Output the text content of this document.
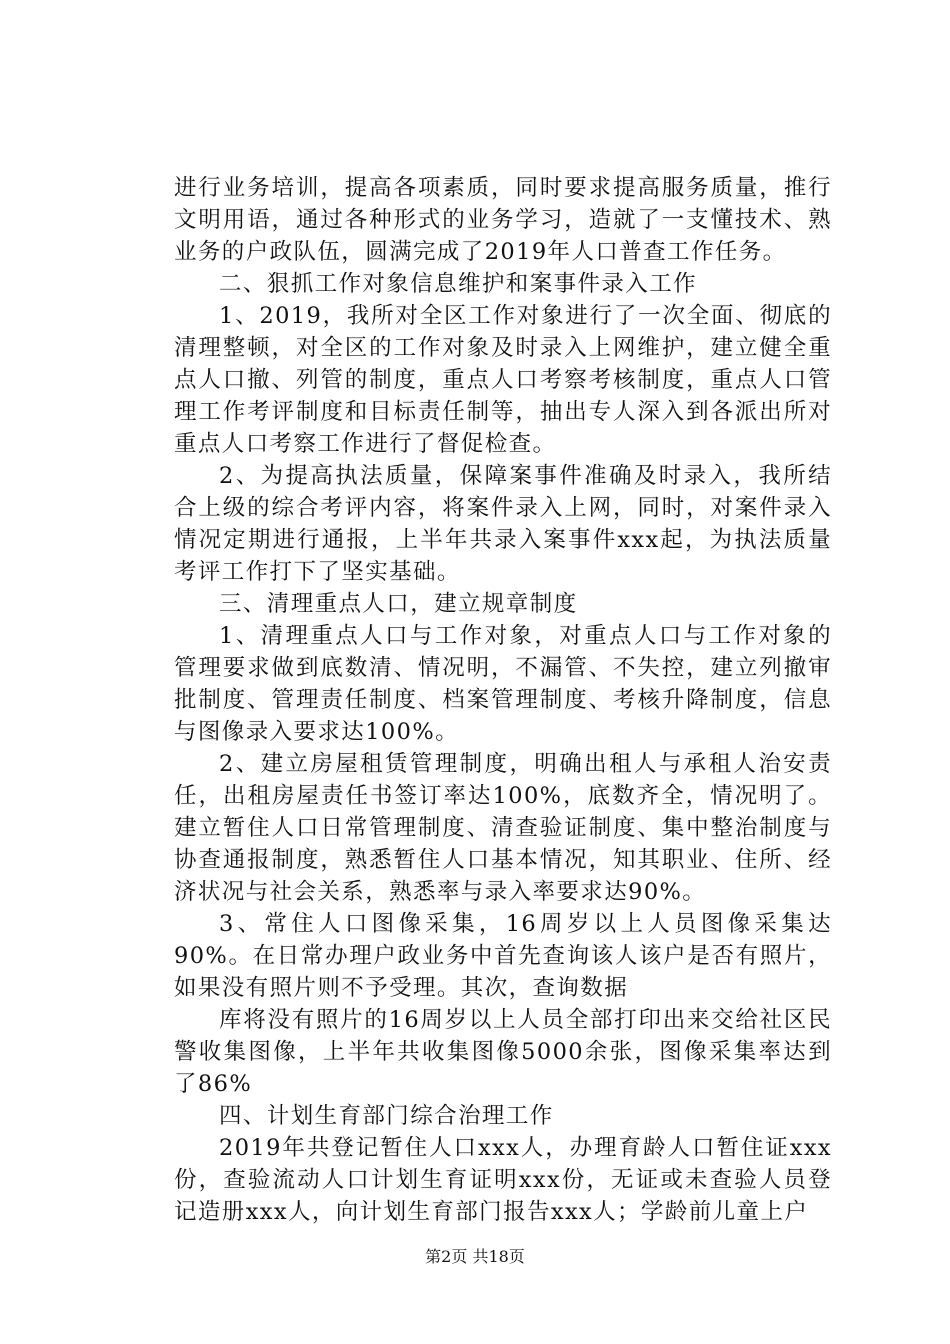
进行业务培训，提高各项素质，同时要求提高服务质量，推行文明用语，通过各种形式的业务学习，造就了一支懂技术、熟业务的户政队伍，圆满完成了2019年人口普查工作任务。

二、狠抓工作对象信息维护和案事件录入工作

1、2019，我所对全区工作对象进行了一次全面、彻底的清理整顿，对全区的工作对象及时录入上网维护，建立健全重点人口撤、列管的制度，重点人口考察考核制度，重点人口管理工作考评制度和目标责任制等，抽出专人深入到各派出所对重点人口考察工作进行了督促检查。

2、为提高执法质量，保障案事件准确及时录入，我所结合上级的综合考评内容，将案件录入上网，同时，对案件录入情况定期进行通报，上半年共录入案事件xxx起，为执法质量考评工作打下了坚实基础。

三、清理重点人口，建立规章制度

1、清理重点人口与工作对象，对重点人口与工作对象的管理要求做到底数清、情况明，不漏管、不失控，建立列撤审批制度、管理责任制度、档案管理制度、考核升降制度，信息与图像录入要求达100%。

2、建立房屋租赁管理制度，明确出租人与承租人治安责任，出租房屋责任书签订率达100%，底数齐全，情况明了。建立暂住人口日常管理制度、清查验证制度、集中整治制度与协查通报制度，熟悉暂住人口基本情况，知其职业、住所、经济状况与社会关系，熟悉率与录入率要求达90%。

3、常住人口图像采集，16周岁以上人员图像采集达90%。在日常办理户政业务中首先查询该人该户是否有照片，如果没有照片则不予受理。其次，查询数据

库将没有照片的16周岁以上人员全部打印出来交给社区民警收集图像，上半年共收集图像5000余张，图像采集率达到了86%

四、计划生育部门综合治理工作

2019年共登记暂住人口xxx人，办理育龄人口暂住证xxx份，查验流动人口计划生育证明xxx份，无证或未查验人员登记造册xxx人，向计划生育部门报告xxx人；学龄前儿童上户

第2页 共18页
